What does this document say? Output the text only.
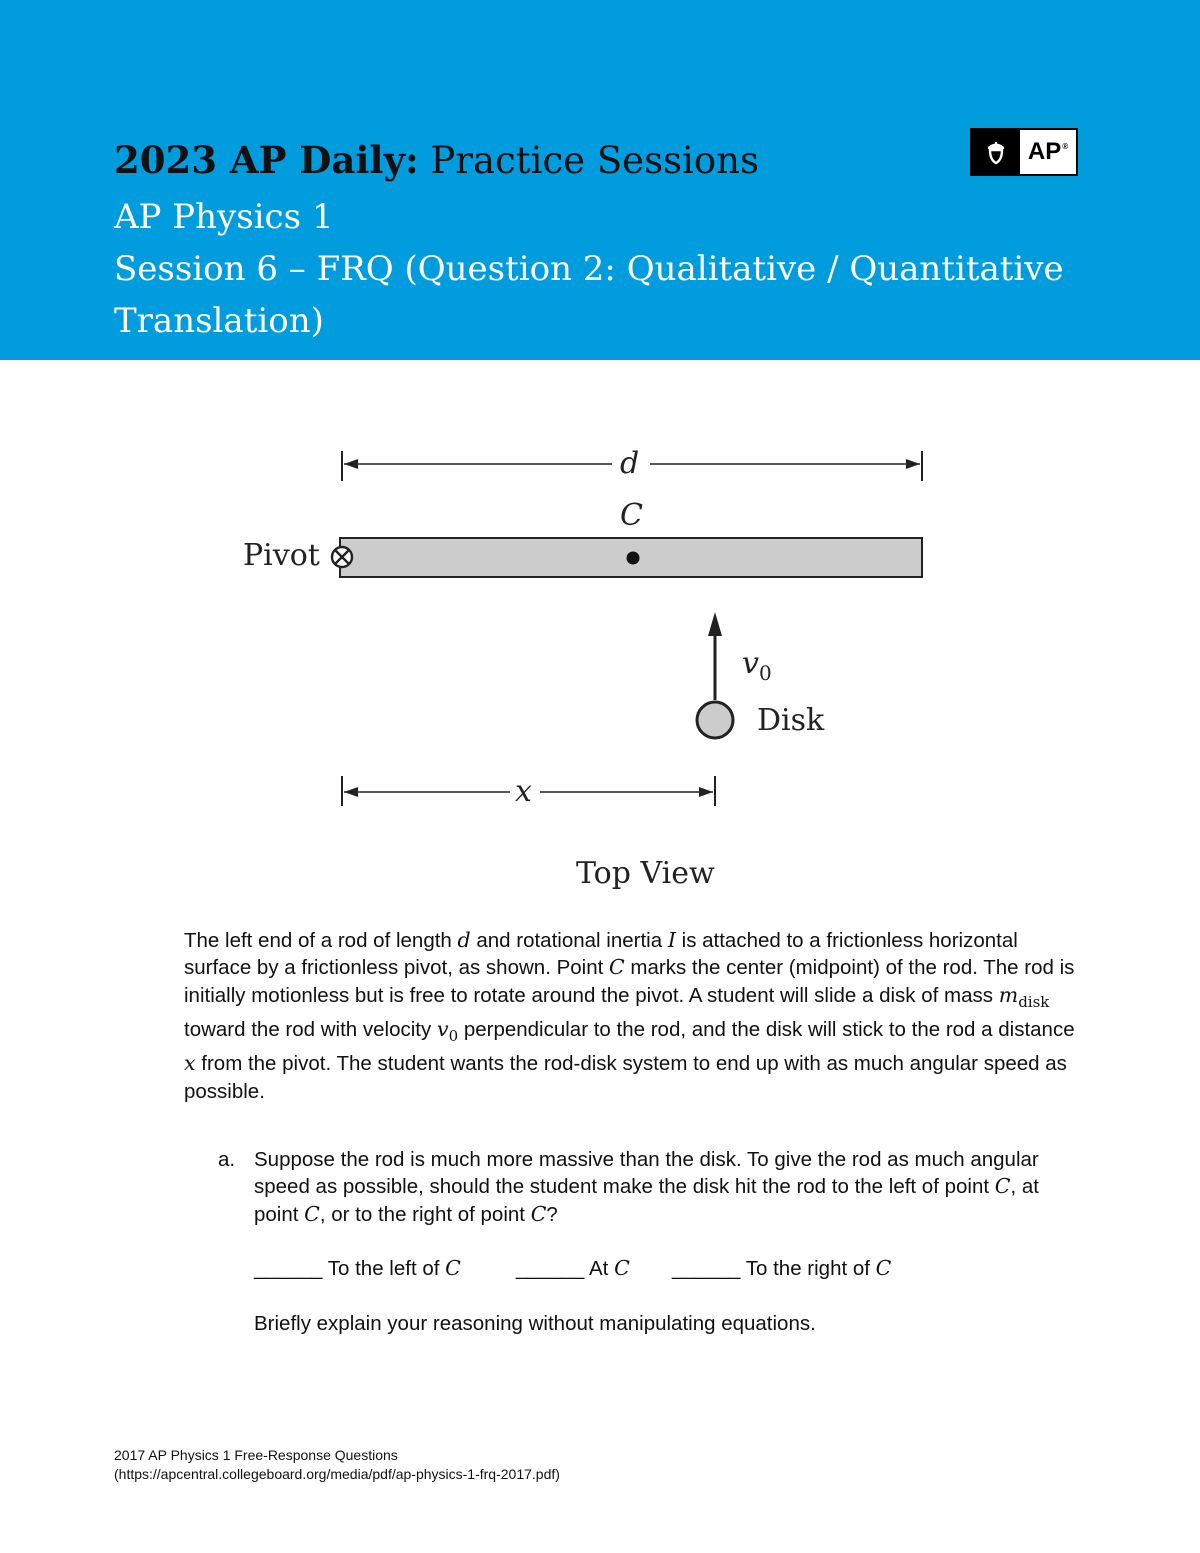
2023 AP Daily: Practice Sessions
AP Physics 1
Session 6 – FRQ (Question 2: Qualitative / Quantitative Translation)
AP®
d
C
Pivot
$v_0$
Disk
x
Top View

The left end of a rod of length d and rotational inertia I is attached to a frictionless horizontal surface by a frictionless pivot, as shown. Point C marks the center (midpoint) of the rod. The rod is initially motionless but is free to rotate around the pivot. A student will slide a disk of mass $m_{disk}$ toward the rod with velocity $v_0$ perpendicular to the rod, and the disk will stick to the rod a distance x from the pivot. The student wants the rod-disk system to end up with as much angular speed as possible.

a. Suppose the rod is much more massive than the disk. To give the rod as much angular speed as possible, should the student make the disk hit the rod to the left of point C, at point C, or to the right of point C?
______ To the left of C	______ At C ______ To the right of C
Briefly explain your reasoning without manipulating equations.
2017 AP Physics 1 Free-Response Questions
(https://apcentral.collegeboard.org/media/pdf/ap-physics-1-frq-2017.pdf)
